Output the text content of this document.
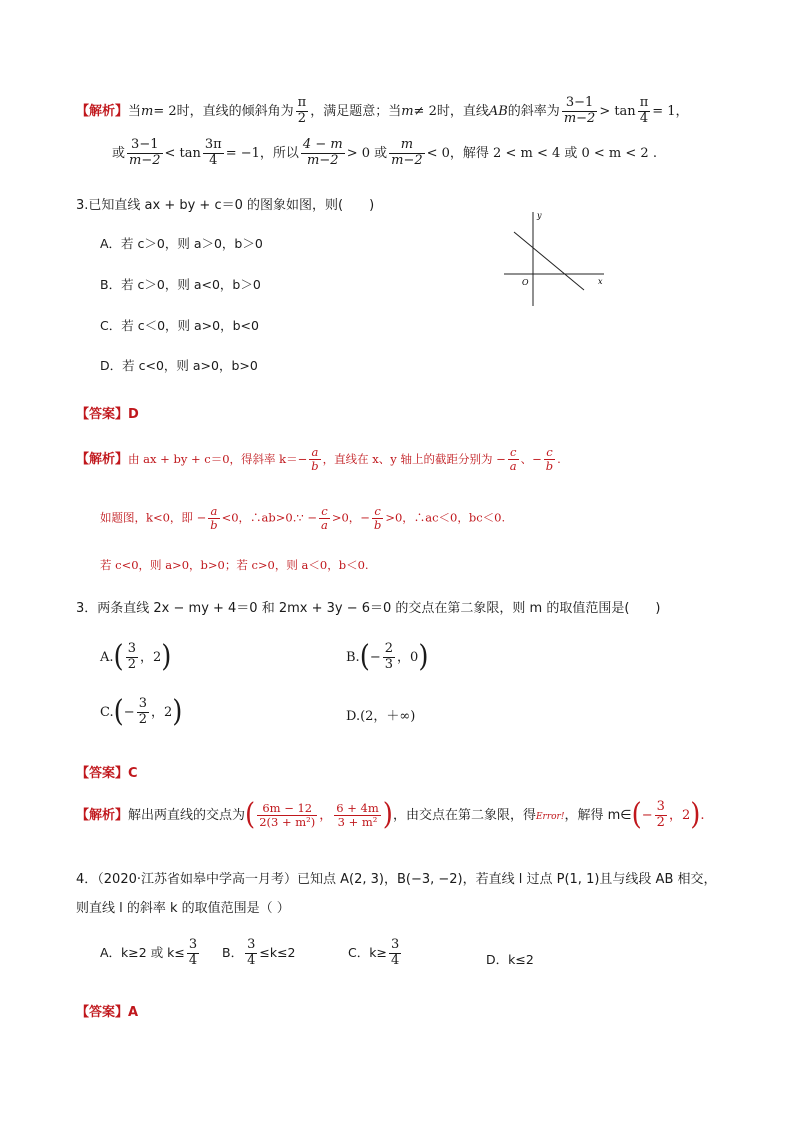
【解析】当m= 2时，直线的倾斜角为 $\frac{\pi}{2}$ ，满足题意；当m≠ 2时，直线AB的斜率为 $\frac{3-1}{m-2} > \tan \frac{\pi}{4} = 1$，
或 $\frac{3-1}{m-2} < \tan \frac{3\pi}{4} = -1$，所以 $\frac{4 - m}{m-2} > 0$ 或 $\frac{m}{m-2} < 0$，解得 2 < m < 4 或 0 < m < 2 .
3.已知直线 ax + by + c＝0 的图象如图，则(　　)
A．若 c＞0，则 a＞0，b＞0
B．若 c＞0，则 a<0，b＞0
C．若 c＜0，则 a>0，b<0
D．若 c<0，则 a>0，b>0
y
x
O
【答案】D
【解析】由 ax + by + c＝0，得斜率 $k=- \frac{a}{b}$ ，直线在 x、y 轴上的截距分别为 − $\frac{c}{a}$ 、− $\frac{c}{b}$ .
如题图，k<0，即 − $\frac{a}{b} <0$，∴ab>0.∵ − $\frac{c}{a} >0$，− $\frac{c}{b} >0$，∴ac＜0，bc＜0.
若 c<0，则 a>0，b>0；若 c>0，则 a＜0，b＜0.
3．两条直线 2x − my + 4＝0 和 2mx + 3y − 6＝0 的交点在第二象限，则 m 的取值范围是(　　)
$A.( \frac{3}{2}$ ，2)	$B.(- \frac{2}{3}$ ，0)
$C.(- \frac{3}{2}$ ，2)	D.(2，＋∞)
【答案】C
【解析】解出两直线的交点为( $\frac{6m - 12}{\text{2(3 + m²)}}$ ， $\frac{6 + 4m}{\text{3 + m²}}$ )，由交点在第二象限，得Error!，解得 m∈(− $\frac{3}{2}$ ，2).
4．（2020·江苏省如皋中学高一月考）已知点 A(2, 3)，B(−3, −2)，若直线 l 过点 P(1, 1)且与线段 AB 相交，
则直线 l 的斜率 k 的取值范围是（ ）
A．k≥2 或 $k\le \frac{3}{4}$ B． $\frac{3}{4} \le k\le 2$	C．$k\ge \frac{3}{4}$	D．k≤2
【答案】A
